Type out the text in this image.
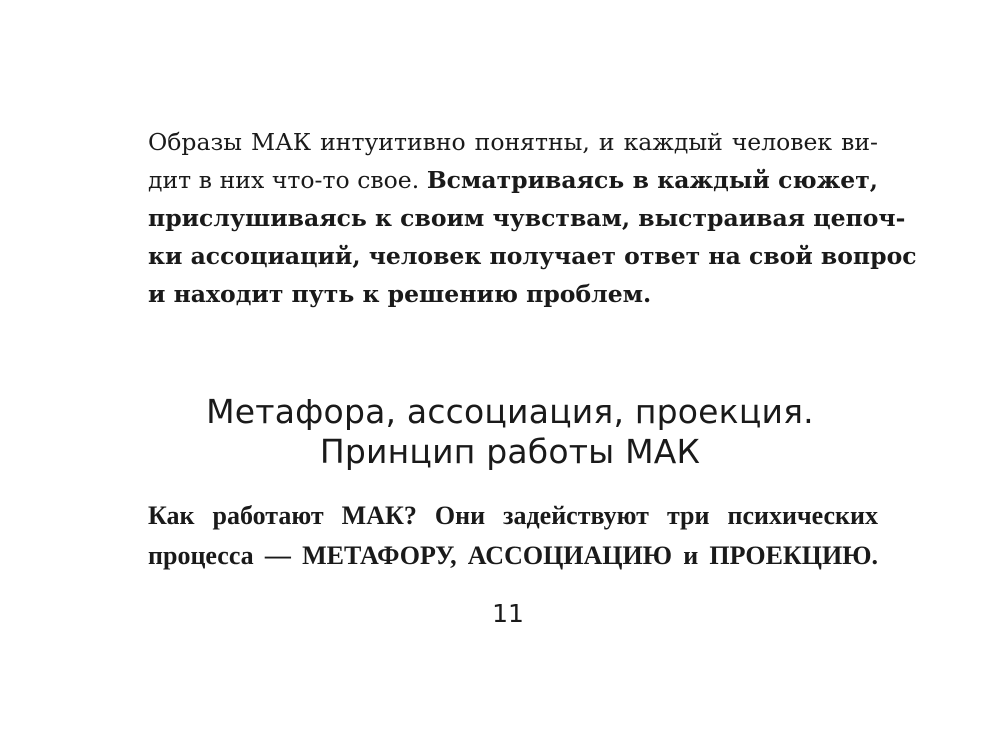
Образы МАК интуитивно понятны, и каждый человек ви-
дит в них что-то свое. Всматриваясь в каждый сюжет,
прислушиваясь к своим чувствам, выстраивая цепоч-
ки ассоциаций, человек получает ответ на свой вопрос
и находит путь к решению проблем.

Метафора, ассоциация, проекция.
Принцип работы МАК

Как работают МАК? Они задействуют три психических
процесса — МЕТАФОРУ, АССОЦИАЦИЮ и ПРОЕКЦИЮ.

11
